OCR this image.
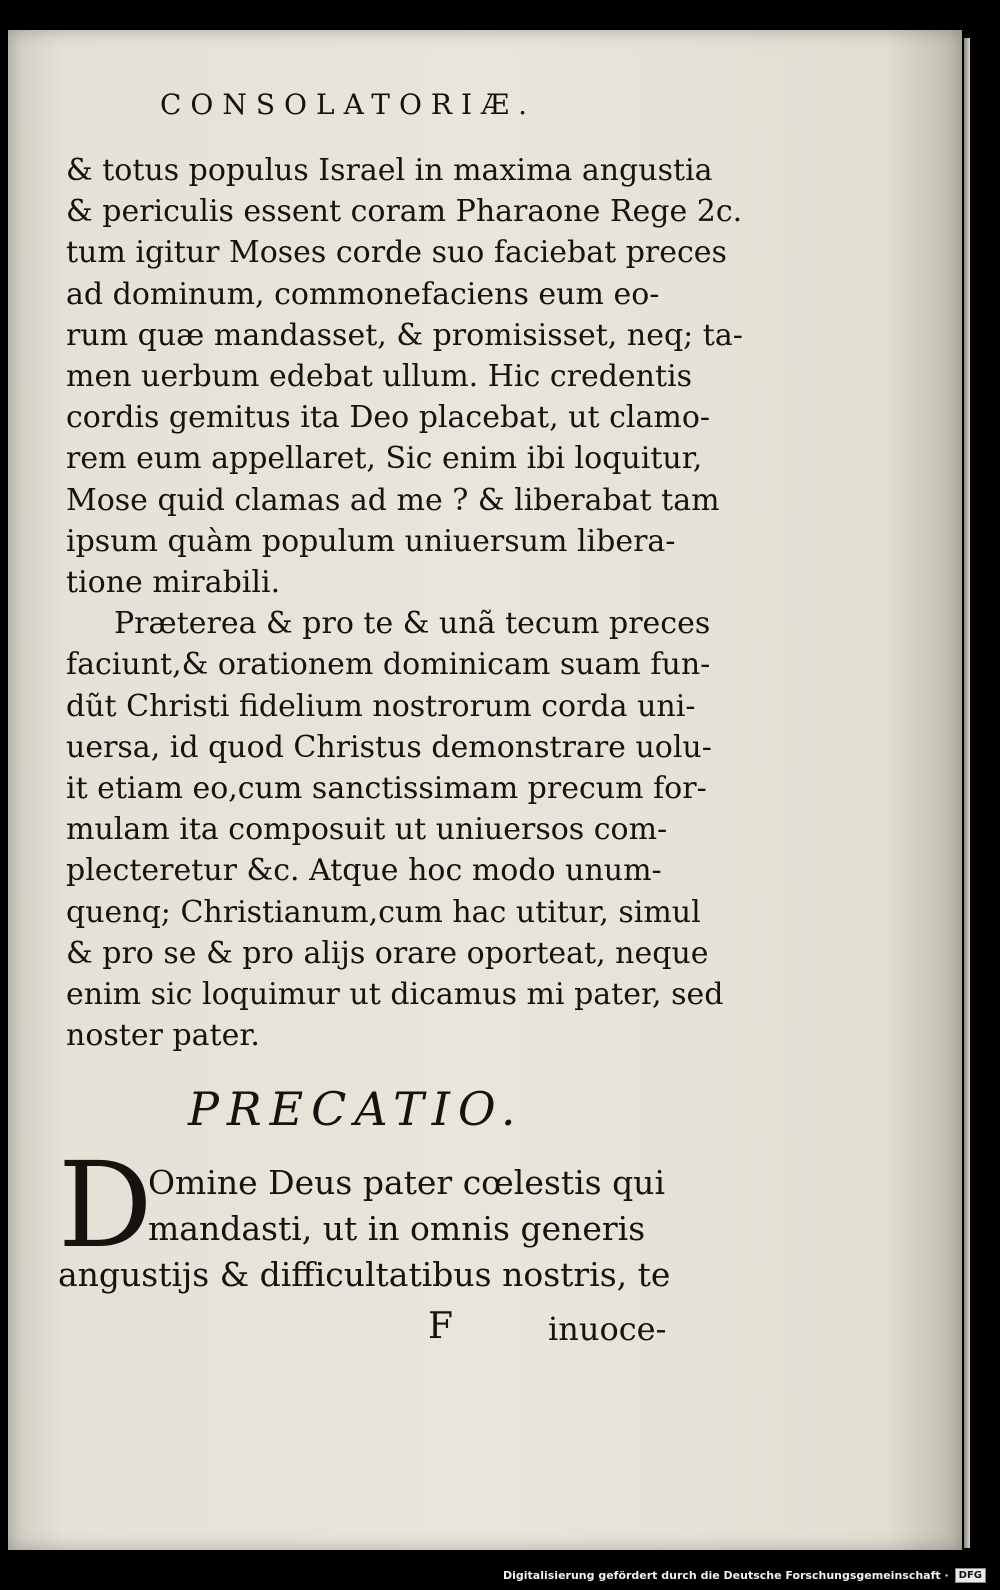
CONSOLATORIÆ.
& totus populus Israel in maxima angustia
& periculis essent coram Pharaone Rege 2c.
tum igitur Moses corde suo faciebat preces
ad dominum, commonefaciens eum eo-
rum quæ mandasset, & promisisset, neq; ta-
men uerbum edebat ullum. Hic credentis
cordis gemitus ita Deo placebat, ut clamo-
rem eum appellaret, Sic enim ibi loquitur,
Mose quid clamas ad me ? & liberabat tam
ipsum quàm populum uniuersum libera-
tione mirabili.
Præterea & pro te & unã tecum preces
faciunt,& orationem dominicam suam fun-
dũt Christi fidelium nostrorum corda uni-
uersa, id quod Christus demonstrare uolu-
it etiam eo,cum sanctissimam precum for-
mulam ita composuit ut uniuersos com-
plecteretur &c. Atque hoc modo unum-
quenq; Christianum,cum hac utitur, simul
& pro se & pro alijs orare oporteat, neque
enim sic loquimur ut dicamus mi pater, sed
noster pater.
PRECATIO.
D
Omine Deus pater cœlestis qui
mandasti, ut in omnis generis
angustijs & difficultatibus nostris, te
F	inuoce-
Digitalisierung gefördert durch die Deutsche Forschungsgemeinschaft ·	DFG
